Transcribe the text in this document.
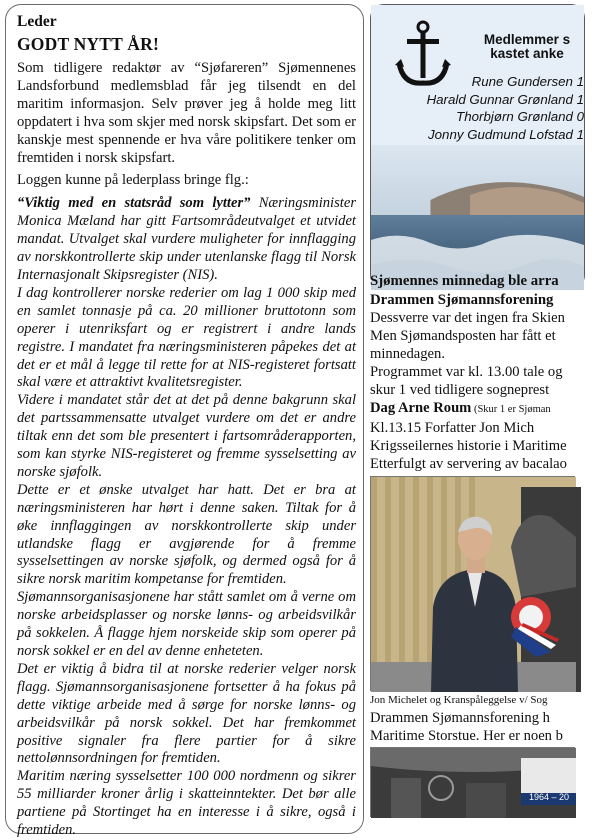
Leder
GODT NYTT ÅR!

Som tidligere redaktør av “Sjøfareren” Sjømennenes Landsforbund medlemsblad får jeg tilsendt en del maritim informasjon. Selv prøver jeg å holde meg litt oppdatert i hva som skjer med norsk skipsfart. Det som er kanskje mest spennende er hva våre politikere tenker om fremtiden i norsk skipsfart.

Loggen kunne på lederplass bringe flg.:

“Viktig med en statsråd som lytter” Næringsminister Monica Mæland har gitt Fartsområdeutvalget et utvidet mandat. Utvalget skal vurdere muligheter for innflagging av norskkontrollerte skip under utenlanske flagg til Norsk Internasjonalt Skipsregister (NIS).

I dag kontrollerer norske rederier om lag 1 000 skip med en samlet tonnasje på ca. 20 millioner bruttotonn som operer i utenriksfart og er registrert i andre lands registre. I mandatet fra næringsministeren påpekes det at det er et mål å legge til rette for at NIS-registeret fortsatt skal være et attraktivt kvalitetsregister.

Videre i mandatet står det at det på denne bakgrunn skal det partssammensatte utvalget vurdere om det er andre tiltak enn det som ble presentert i fartsområderapporten, som kan styrke NIS-registeret og fremme sysselsetting av norske sjøfolk.

Dette er et ønske utvalget har hatt. Det er bra at næringsministeren har hørt i denne saken. Tiltak for å øke innflaggingen av norskkontrollerte skip under utlandske flagg er avgjørende for å fremme sysselsettingen av norske sjøfolk, og dermed også for å sikre norsk maritim kompetanse for fremtiden.

Sjømannsorganisasjonene har stått samlet om å verne om norske arbeidsplasser og norske lønns- og arbeidsvilkår på sokkelen. Å flagge hjem norskeide skip som operer på norsk sokkel er en del av denne enheteten.

Det er viktig å bidra til at norske rederier velger norsk flagg. Sjømannsorganisasjonene fortsetter å ha fokus på dette viktige arbeide med å sørge for norske lønns- og arbeidsvilkår på norsk sokkel. Det har fremkommet positive signaler fra flere partier for å sikre nettolønnsordningen for fremtiden.

Maritim næring sysselsetter 100 000 nordmenn og sikrer 55 milliarder kroner årlig i skatteinntekter. Det bør alle partiene på Stortinget ha en interesse i å sikre, også i fremtiden.

Medlemmer s
kastet anke
Rune Gundersen 1
Harald Gunnar Grønland 1
Thorbjørn Grønland 0
Jonny Gudmund Lofstad 1
Sjømennes minnedag ble arra
Drammen Sjømannsforening
Dessverre var det ingen fra Skien
Men Sjømandsposten har fått et
minnedagen.
Programmet var kl. 13.00 tale og
skur 1 ved tidligere sogneprest
Dag Arne Roum (Skur 1 er Sjøman
Kl.13.15 Forfatter Jon Mich
Krigsseilernes historie i Maritime
Etterfulgt av servering av bacalao
Jon Michelet og Kranspåleggelse v/ Sog
Drammen Sjømannsforening h
Maritime Storstue. Her er noen b
1964 – 20
